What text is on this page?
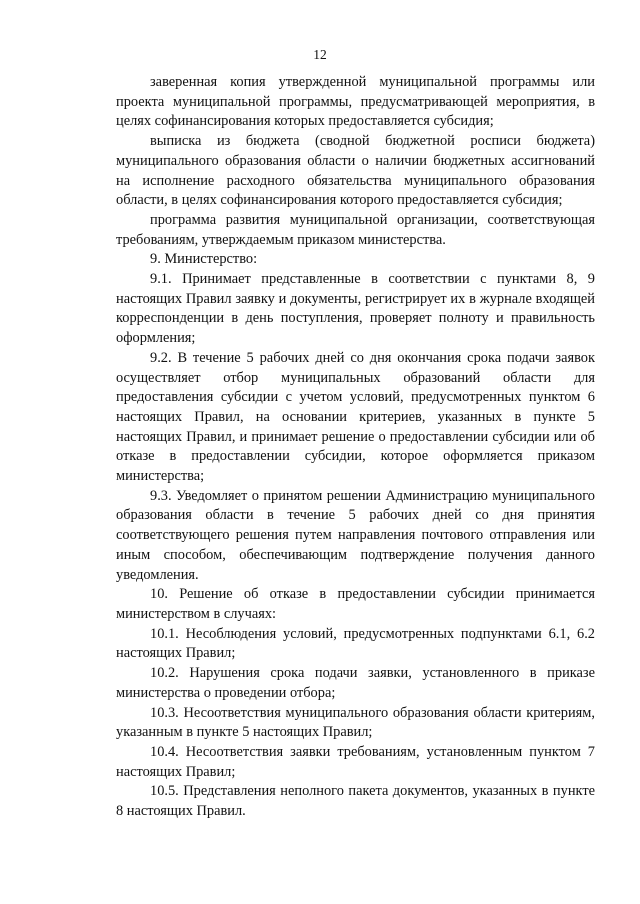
12

заверенная копия утвержденной муниципальной программы или проекта муниципальной программы, предусматривающей мероприятия, в целях софинансирования которых предоставляется субсидия;

выписка из бюджета (сводной бюджетной росписи бюджета) муниципального образования области о наличии бюджетных ассигнований на исполнение расходного обязательства муниципального образования области, в целях софинансирования которого предоставляется субсидия;

программа развития муниципальной организации, соответствующая требованиям, утверждаемым приказом министерства.

9. Министерство:

9.1. Принимает представленные в соответствии с пунктами 8, 9 настоящих Правил заявку и документы, регистрирует их в журнале входящей корреспонденции в день поступления, проверяет полноту и правильность оформления;

9.2. В течение 5 рабочих дней со дня окончания срока подачи заявок осуществляет отбор муниципальных образований области для предоставления субсидии с учетом условий, предусмотренных пунктом 6 настоящих Правил, на основании критериев, указанных в пункте 5 настоящих Правил, и принимает решение о предоставлении субсидии или об отказе в предоставлении субсидии, которое оформляется приказом министерства;

9.3. Уведомляет о принятом решении Администрацию муниципального образования области в течение 5 рабочих дней со дня принятия соответствующего решения путем направления почтового отправления или иным способом, обеспечивающим подтверждение получения данного уведомления.

10. Решение об отказе в предоставлении субсидии принимается министерством в случаях:

10.1. Несоблюдения условий, предусмотренных подпунктами 6.1, 6.2 настоящих Правил;

10.2. Нарушения срока подачи заявки, установленного в приказе министерства о проведении отбора;

10.3. Несоответствия муниципального образования области критериям, указанным в пункте 5 настоящих Правил;

10.4. Несоответствия заявки требованиям, установленным пунктом 7 настоящих Правил;

10.5. Представления неполного пакета документов, указанных в пункте 8 настоящих Правил.
